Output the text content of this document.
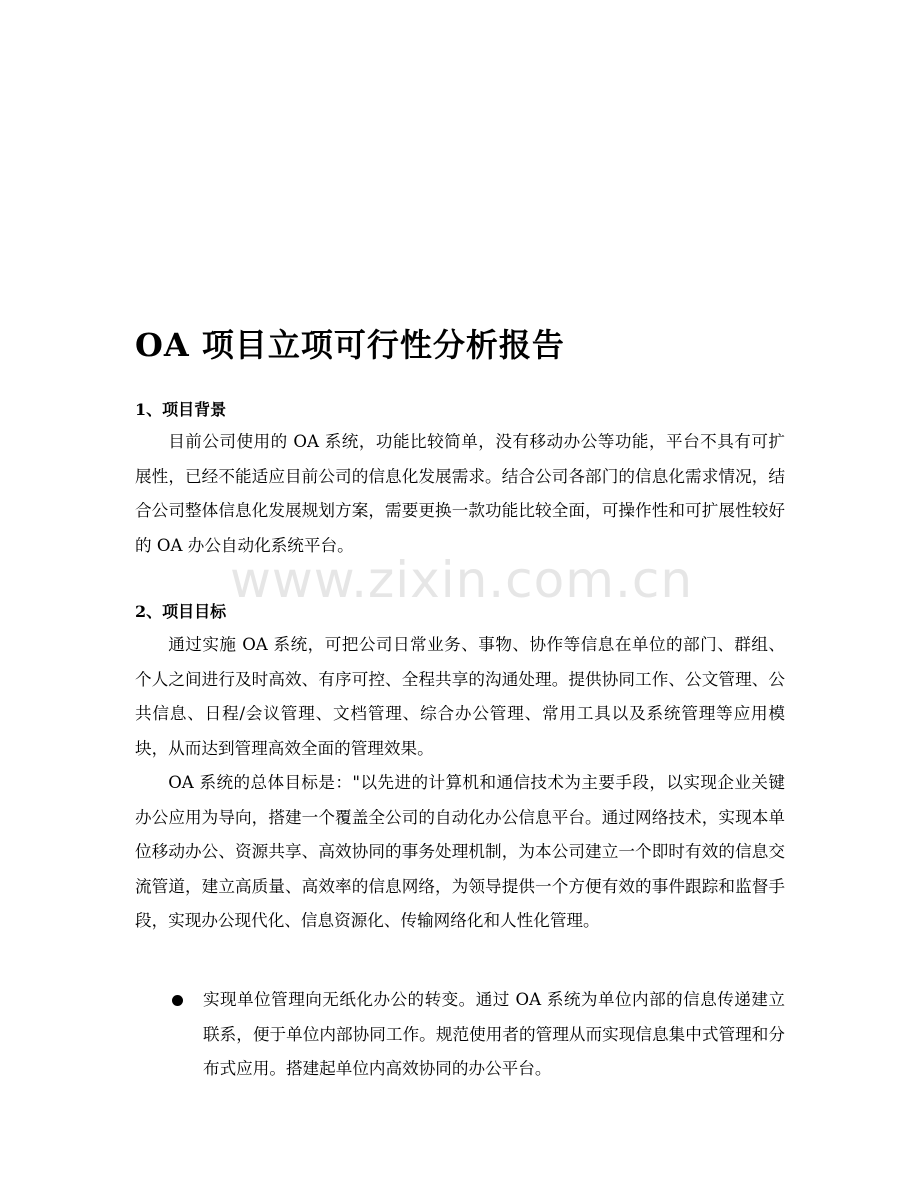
OA 项目立项可行性分析报告
1、项目背景
目前公司使用的 OA 系统，功能比较简单，没有移动办公等功能，平台不具有可扩展性，已经不能适应目前公司的信息化发展需求。结合公司各部门的信息化需求情况，结合公司整体信息化发展规划方案，需要更换一款功能比较全面，可操作性和可扩展性较好的 OA 办公自动化系统平台。
www.zixin.com.cn
2、项目目标
通过实施 OA 系统，可把公司日常业务、事物、协作等信息在单位的部门、群组、个人之间进行及时高效、有序可控、全程共享的沟通处理。提供协同工作、公文管理、公共信息、日程/会议管理、文档管理、综合办公管理、常用工具以及系统管理等应用模块，从而达到管理高效全面的管理效果。
OA 系统的总体目标是："以先进的计算机和通信技术为主要手段，以实现企业关键办公应用为导向，搭建一个覆盖全公司的自动化办公信息平台。通过网络技术，实现本单位移动办公、资源共享、高效协同的事务处理机制，为本公司建立一个即时有效的信息交流管道，建立高质量、高效率的信息网络，为领导提供一个方便有效的事件跟踪和监督手段，实现办公现代化、信息资源化、传输网络化和人性化管理。
实现单位管理向无纸化办公的转变。通过 OA 系统为单位内部的信息传递建立联系，便于单位内部协同工作。规范使用者的管理从而实现信息集中式管理和分布式应用。搭建起单位内高效协同的办公平台。
